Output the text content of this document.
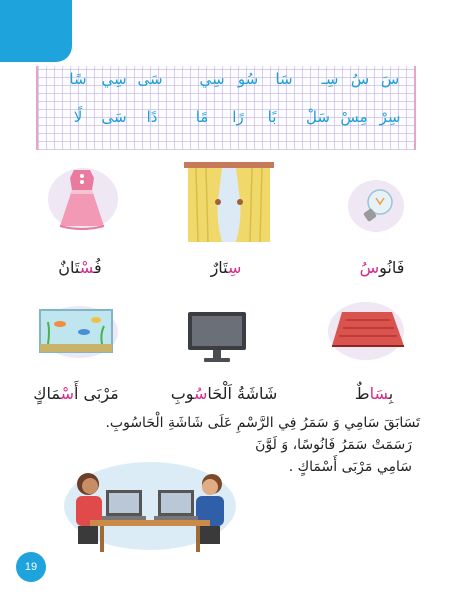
سَ
سُ
سِـ
سَا
سُو
سِي
سَى
سِي
سًا
سِرْ
مِسْ
سَلْ
بًا
رًا
مًا
دًا
سَى
لًا
فَانُوسُ
سِتَارٌ
فُسْتَانٌ
بِسَاطٌ
شَاشَةُ اَلْحَاسُوبِ
مَرْبَى أَسْمَاكٍ
تَسَابَقَ سَامِي وَ سَمَرُ فِي الرَّسْمِ عَلَى شَاشَةِ الْحَاسُوبِ.
رَسَمَتْ سَمَرُ فَانُوسًا، وَ لَوَّنَ
سَامِي مَرْبَى أَسْمَاكٍ .
19
